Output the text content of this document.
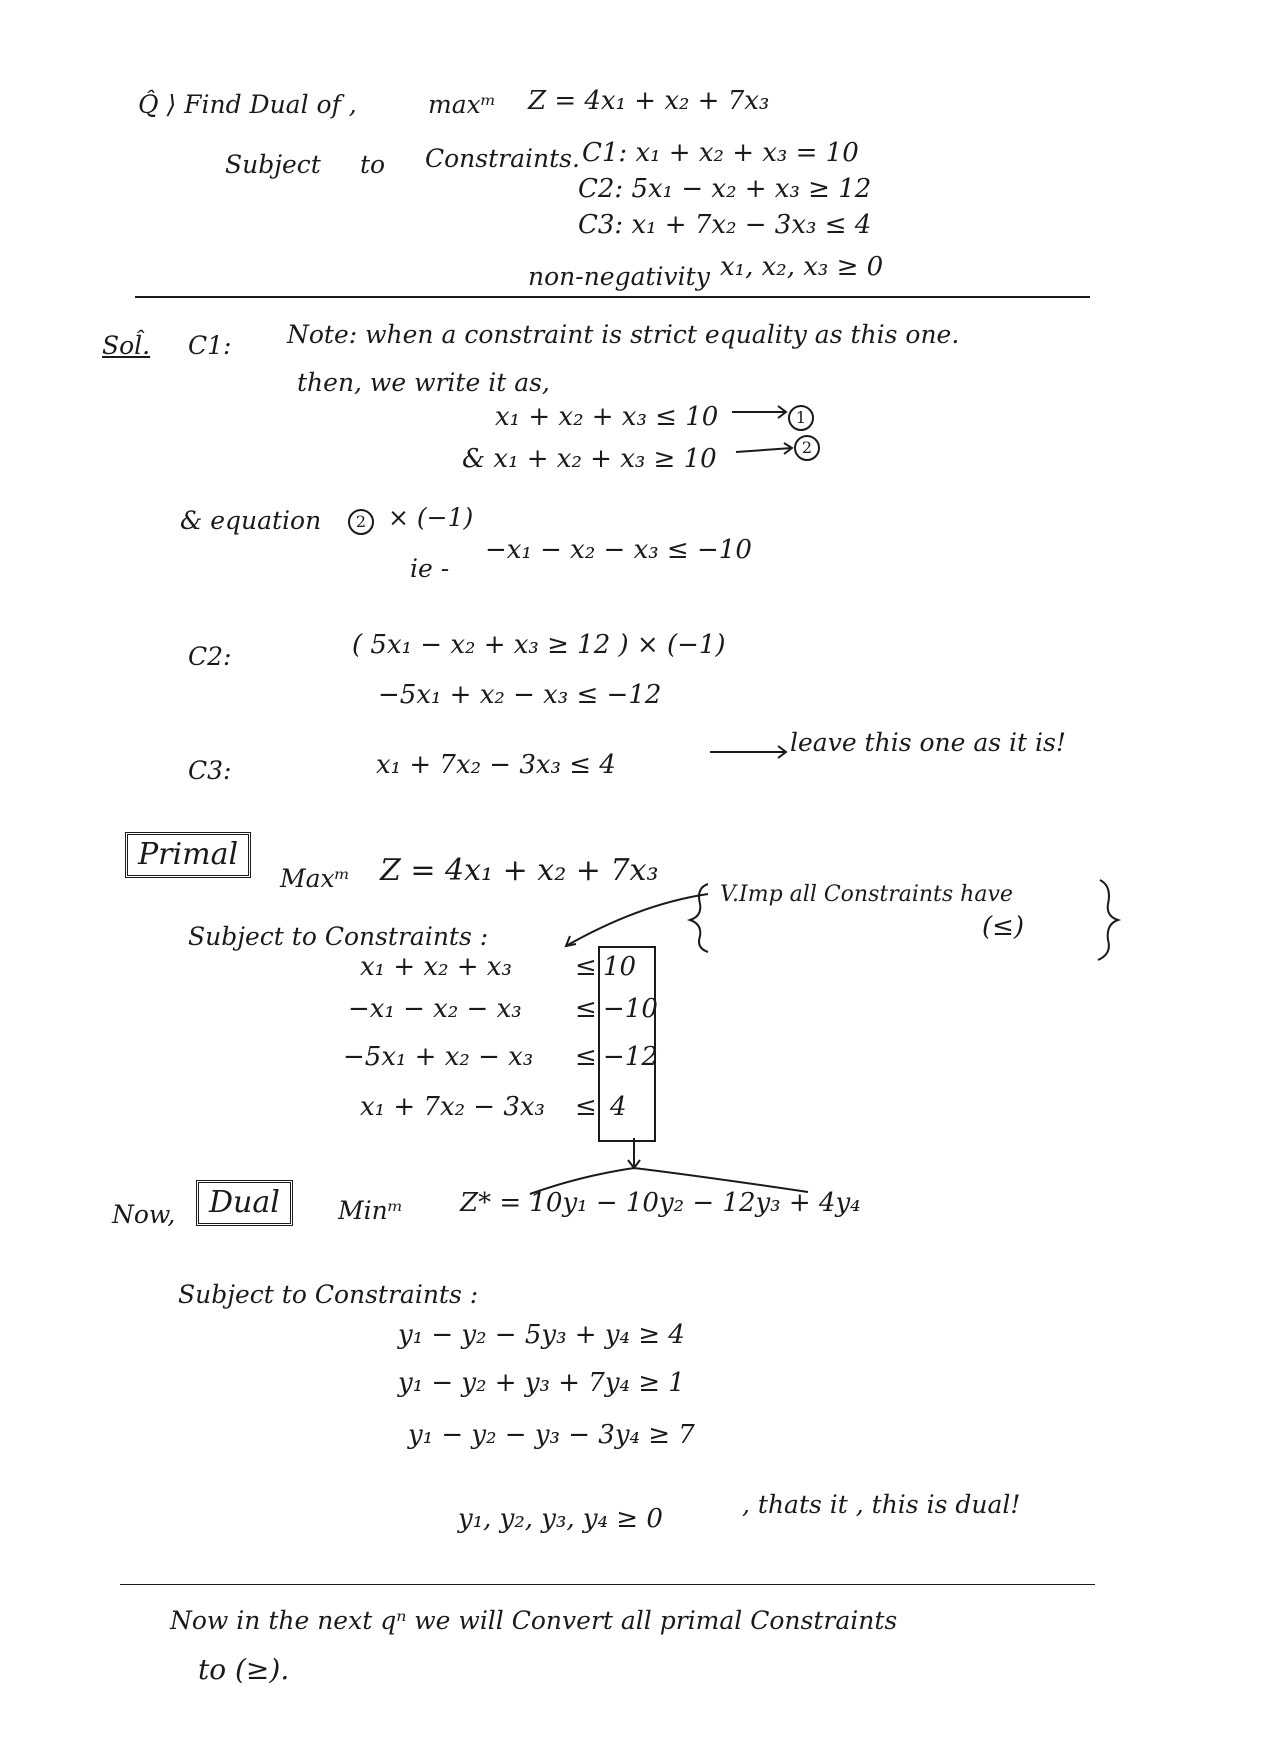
Q̂ ⟩ Find Dual of ,	maxᵐ Z = 4x₁ + x₂ + 7x₃
Subject to Constraints. C1: x₁ + x₂ + x₃ = 10
C2: 5x₁ − x₂ + x₃ ≥ 12
C3: x₁ + 7x₂ − 3x₃ ≤ 4
non-negativity x₁, x₂, x₃ ≥ 0
Sol̂. C1: Note: when a constraint is strict equality as this one.
then, we write it as,
x₁ + x₂ + x₃ ≤ 10	1
& x₁ + x₂ + x₃ ≥ 10	2
& equation	2 × (−1)
ie -
−x₁ − x₂ − x₃ ≤ −10
C2:	( 5x₁ − x₂ + x₃ ≥ 12 ) × (−1)
−5x₁ + x₂ − x₃ ≤ −12
C3:	x₁ + 7x₂ − 3x₃ ≤ 4
leave this one as it is!
Primal
Maxᵐ Z = 4x₁ + x₂ + 7x₃
Subject to Constraints :
x₁ + x₂ + x₃ ≤ 10
−x₁ − x₂ − x₃ ≤ −10
−5x₁ + x₂ − x₃ ≤ −12
x₁ + 7x₂ − 3x₃ ≤ 4
V.Imp all Constraints have
(≤)
Now,	Dual	Minᵐ Z* = 10y₁ − 10y₂ − 12y₃ + 4y₄
Subject to Constraints :
y₁ − y₂ − 5y₃ + y₄ ≥ 4
y₁ − y₂ + y₃ + 7y₄ ≥ 1
y₁ − y₂ − y₃ − 3y₄ ≥ 7
y₁, y₂, y₃, y₄ ≥ 0	, thats it , this is dual!
Now in the next qⁿ we will Convert all primal Constraints
to (≥).
